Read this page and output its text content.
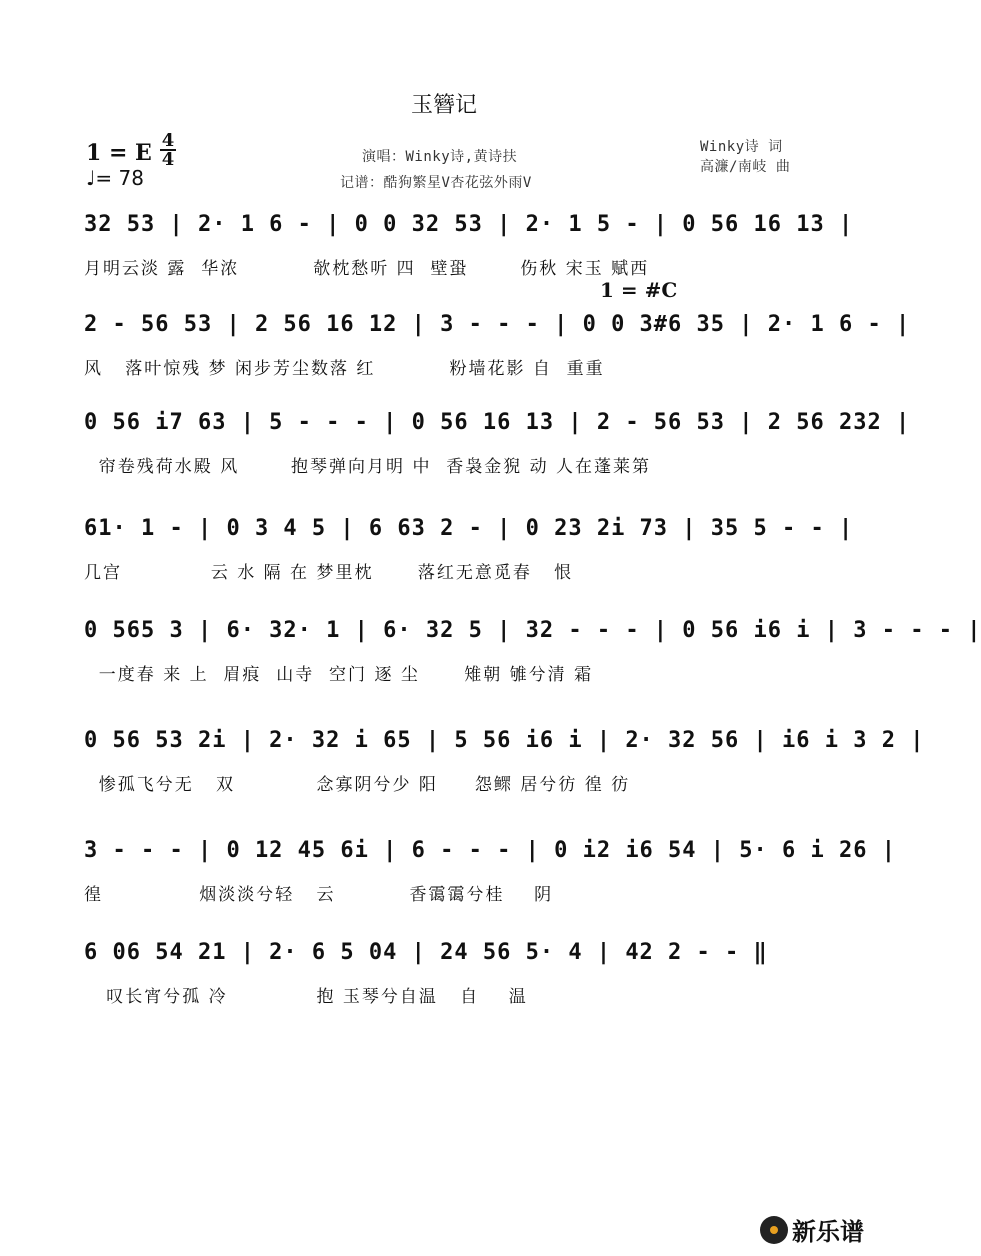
玉簪记
1 = E 4
4
♩= 78
演唱：Winky诗,黄诗扶
记谱：酷狗繁星V杏花弦外雨V
Winky诗 词
高濂/南岐 曲
1 = #C
32 53 | 2· 1 6 - | 0 0 32 53 | 2· 1 5 - | 0 56 16 13 |
月明云淡 露  华浓          欹枕愁听 四  壁蛩       伤秋 宋玉 赋西
2 - 56 53 | 2 56 16 12 | 3 - - - | 0 0 3#6 35 | 2· 1 6 - |
风   落叶惊残 梦 闲步芳尘数落 红          粉墙花影 自  重重
0 56 i7 63 | 5 - - - | 0 56 16 13 | 2 - 56 53 | 2 56 232 |
帘卷残荷水殿 风       抱琴弹向月明 中  香袅金猊 动 人在蓬莱第
61· 1 - | 0 3 4 5 | 6 63 2 - | 0 23 2i 73 | 35 5 - - |
几宫            云 水 隔 在 梦里枕      落红无意觅春   恨
0 565 3 | 6· 32· 1 | 6· 32 5 | 32 - - - | 0 56 i6 i | 3 - - - |
一度春 来 上  眉痕  山寺  空门 逐 尘      雉朝 雊兮清 霜
0 56 53 2i | 2· 32 i 65 | 5 56 i6 i | 2· 32 56 | i6 i 3 2 |
惨孤飞兮无   双           念寡阴兮少 阳     怨鳏 居兮彷 徨 彷
3 - - - | 0 12 45 6i | 6 - - - | 0 i2 i6 54 | 5· 6 i 26 |
徨             烟淡淡兮轻   云          香霭霭兮桂    阴
6 06 54 21 | 2· 6 5 04 | 24 56 5· 4 | 42 2 - - ‖
叹长宵兮孤 冷            抱 玉琴兮自温   自    温
新乐谱
